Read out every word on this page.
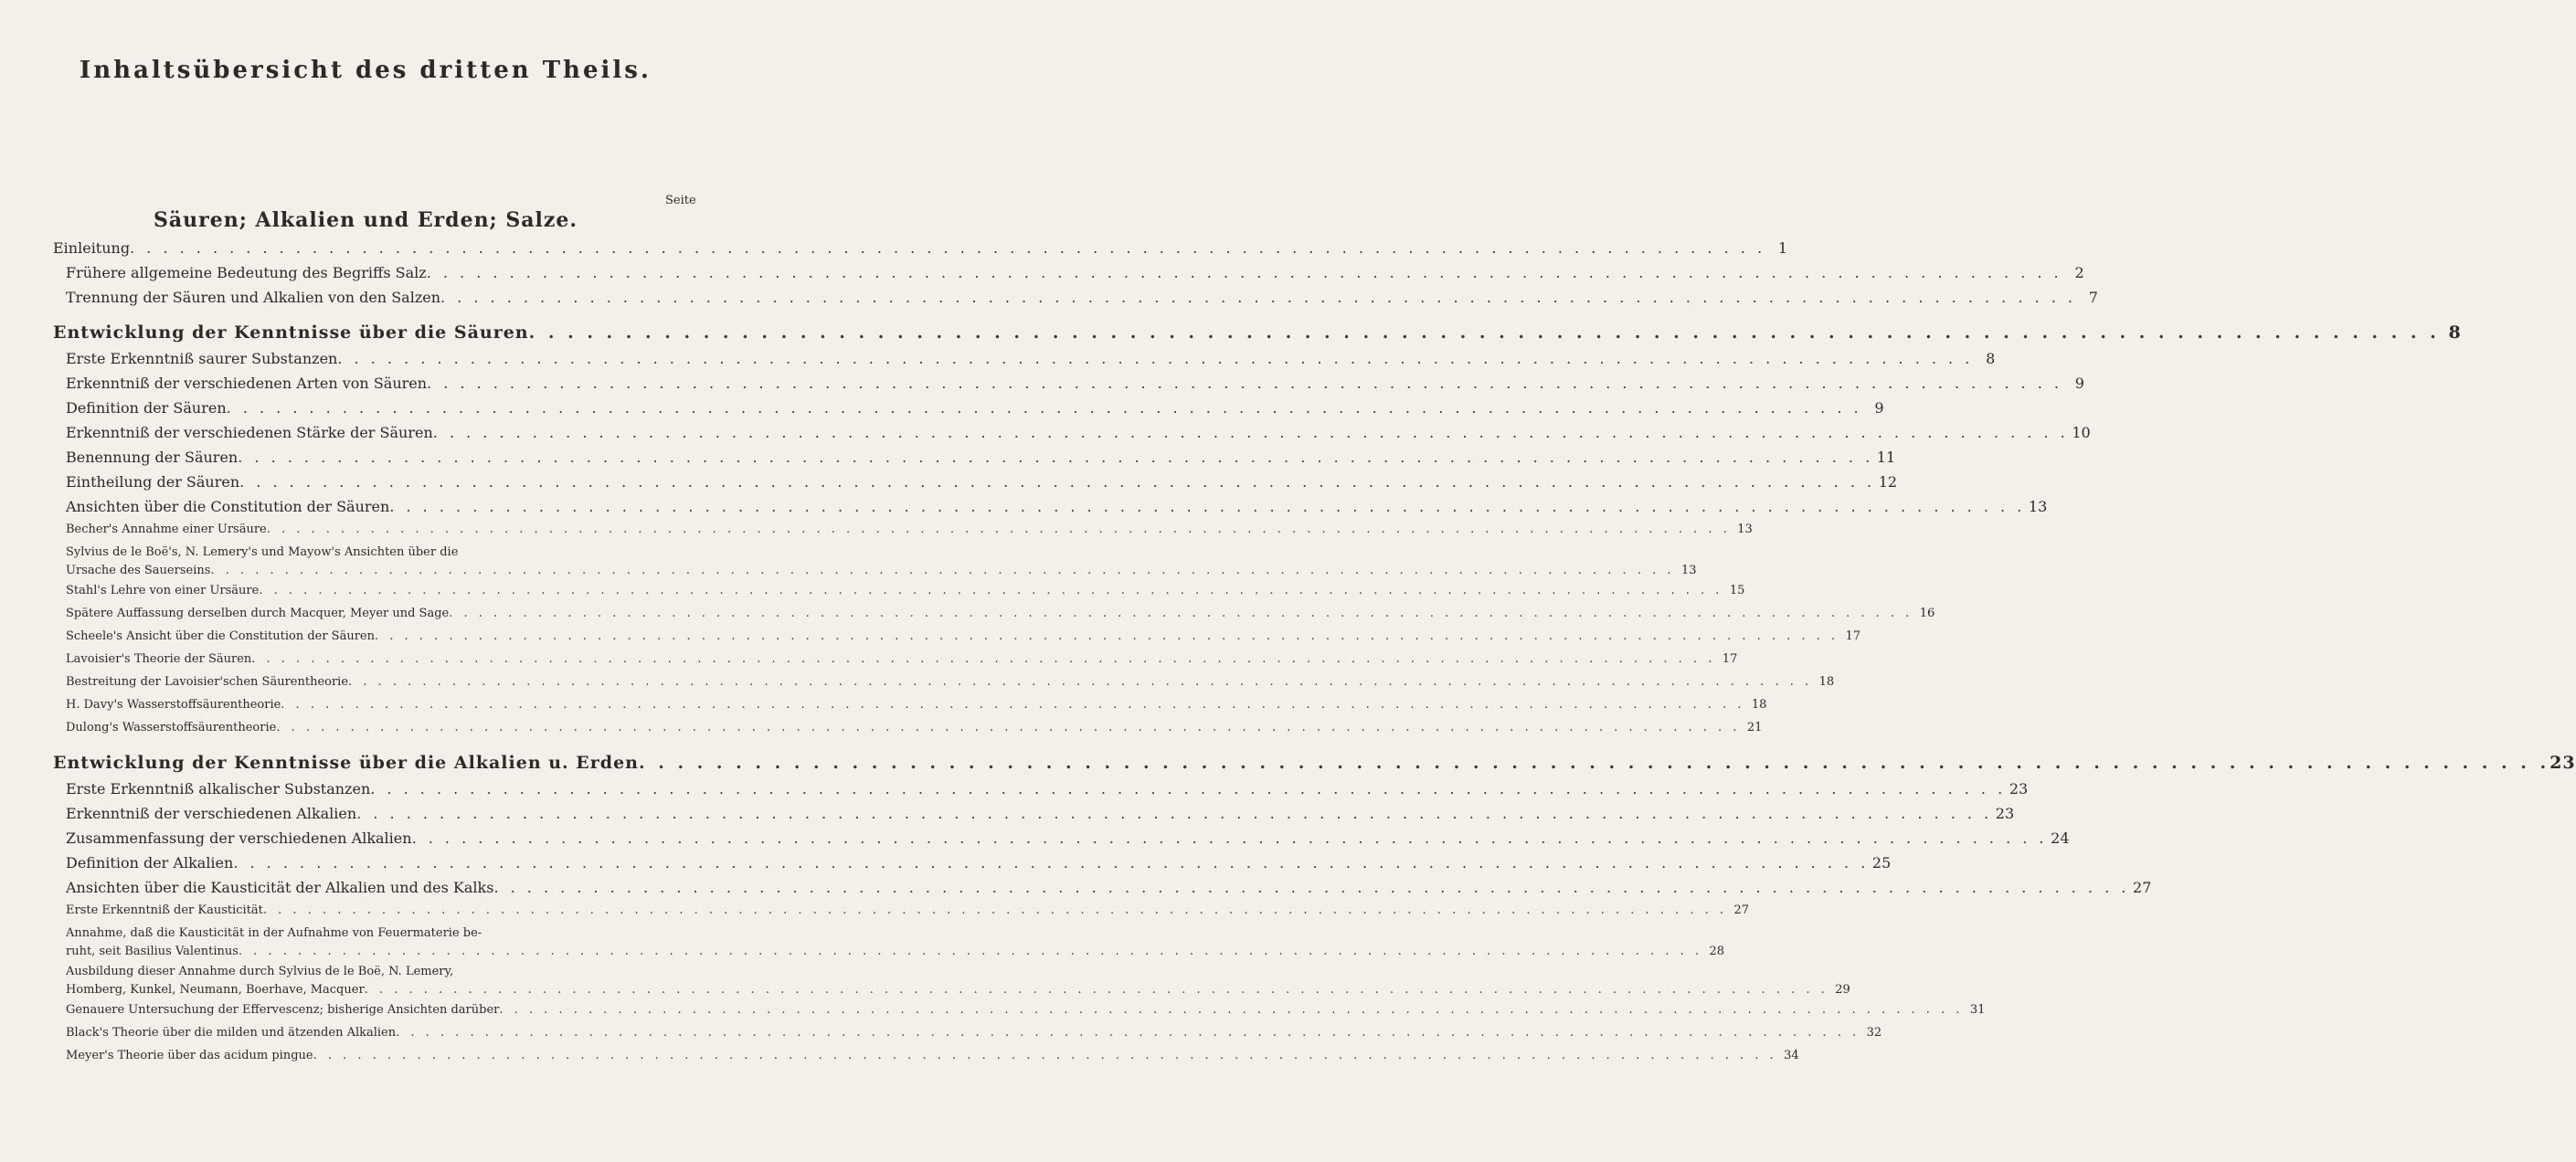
Inhaltsübersicht des dritten Theils.
Seite
Säuren; Alkalien und Erden; Salze.
Einleitung . . .	1
Frühere allgemeine Bedeutung des Begriffs Salz . . .	2
Trennung der Säuren und Alkalien von den Salzen . . .	7
Entwicklung der Kenntnisse über die Säuren . . .	8
Erste Erkenntniß saurer Substanzen . . .	8
Erkenntniß der verschiedenen Arten von Säuren . . .	9
Definition der Säuren . . .	9
Erkenntniß der verschiedenen Stärke der Säuren . . .	10
Benennung der Säuren . . .	11
Eintheilung der Säuren . . .	12
Ansichten über die Constitution der Säuren . . .	13
Becher's Annahme einer Ursäure . . .	13
Sylvius de le Boë's, N. Lemery's und Mayow's Ansichten über die
Ursache des Sauerseins . . .	13
Stahl's Lehre von einer Ursäure . . .	15
Spätere Auffassung derselben durch Macquer, Meyer und Sage . . .	16
Scheele's Ansicht über die Constitution der Säuren . . .	17
Lavoisier's Theorie der Säuren . . .	17
Bestreitung der Lavoisier'schen Säurentheorie . . .	18
H. Davy's Wasserstoffsäurentheorie . . .	18
Dulong's Wasserstoffsäurentheorie . . .	21
Entwicklung der Kenntnisse über die Alkalien u. Erden . . .	23
Erste Erkenntniß alkalischer Substanzen . . .	23
Erkenntniß der verschiedenen Alkalien . . .	23
Zusammenfassung der verschiedenen Alkalien . . .	24
Definition der Alkalien . . .	25
Ansichten über die Kausticität der Alkalien und des Kalks . . .	27
Erste Erkenntniß der Kausticität . . .	27
Annahme, daß die Kausticität in der Aufnahme von Feuermaterie be-
ruht, seit Basilius Valentinus . . .	28
Ausbildung dieser Annahme durch Sylvius de le Boë, N. Lemery,
Homberg, Kunkel, Neumann, Boerhave, Macquer . . .	29
Genauere Untersuchung der Effervescenz; bisherige Ansichten darüber . . .	31
Black's Theorie über die milden und ätzenden Alkalien . . .	32
Meyer's Theorie über das acidum pingue . . .	34
